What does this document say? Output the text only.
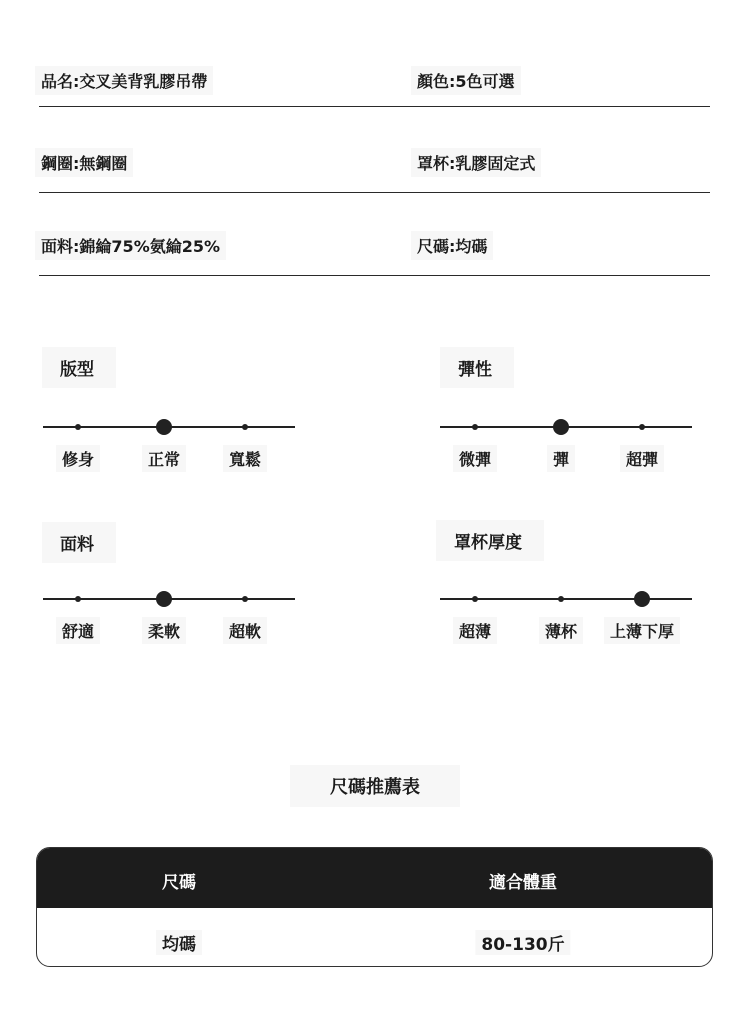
品名 : 交叉美背乳膠吊帶	顏色 : 5色可選
鋼圈 : 無鋼圈	罩杯 : 乳膠固定式
面料 : 錦綸75%氨綸25%	尺碼 : 均碼
版型
修身	正常	寬鬆
彈性
微彈	彈	超彈
面料
舒適	柔軟	超軟
罩杯厚度
超薄	薄杯	上薄下厚
尺碼推薦表
尺碼	適合體重
均碼	80-130斤
